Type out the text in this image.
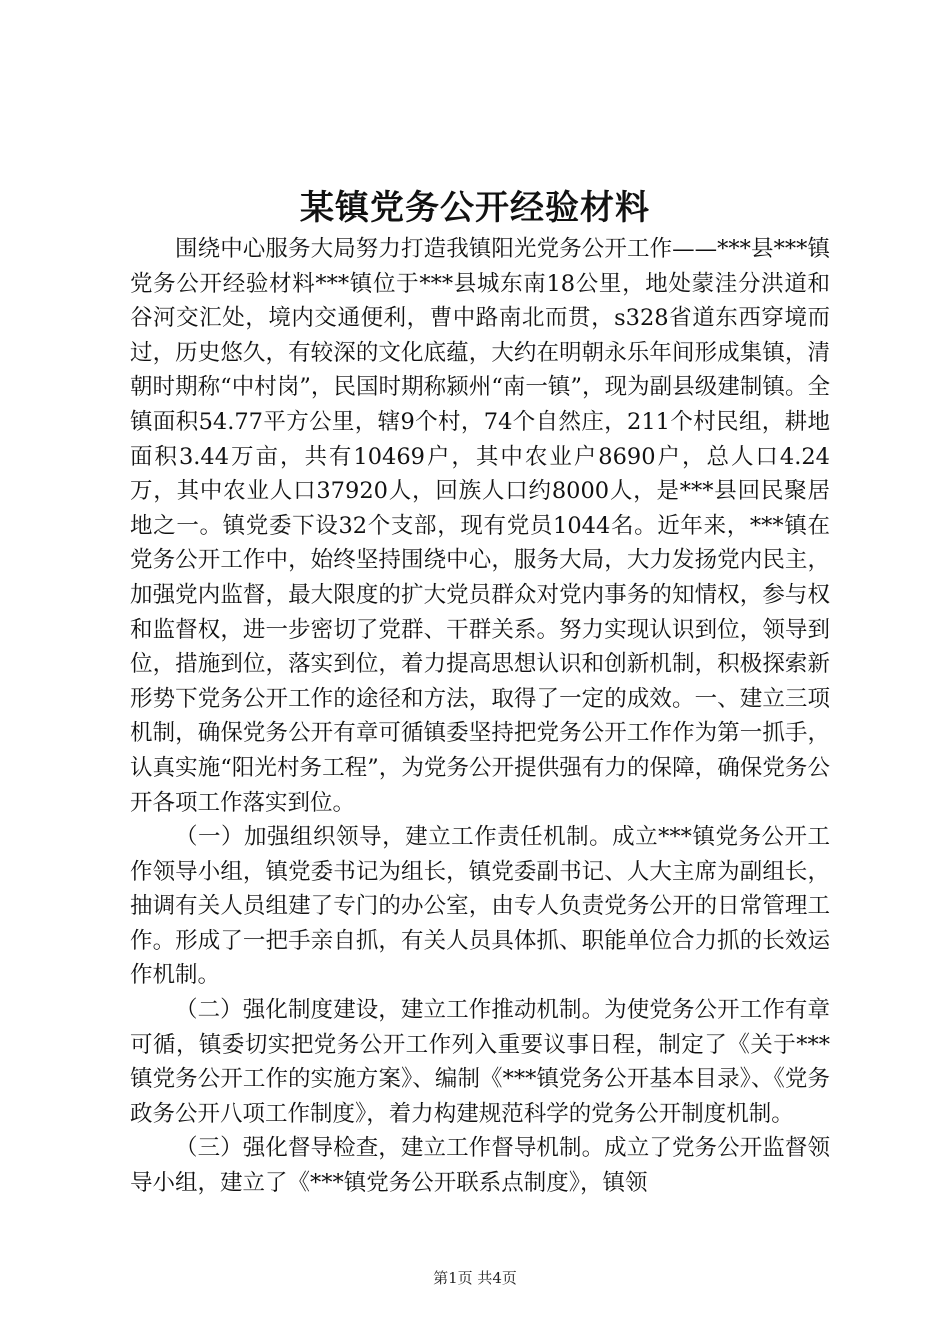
某镇党务公开经验材料

围绕中心服务大局努力打造我镇阳光党务公开工作——***县***镇党务公开经验材料***镇位于***县城东南18公里，地处蒙洼分洪道和谷河交汇处，境内交通便利，曹中路南北而贯，s328省道东西穿境而过，历史悠久，有较深的文化底蕴，大约在明朝永乐年间形成集镇，清朝时期称“中村岗”，民国时期称颍州“南一镇”，现为副县级建制镇。全镇面积54.77平方公里，辖9个村，74个自然庄，211个村民组，耕地面积3.44万亩，共有10469户，其中农业户8690户，总人口4.24万，其中农业人口37920人，回族人口约8000人，是***县回民聚居地之一。镇党委下设32个支部，现有党员1044名。近年来，***镇在党务公开工作中，始终坚持围绕中心，服务大局，大力发扬党内民主，加强党内监督，最大限度的扩大党员群众对党内事务的知情权，参与权和监督权，进一步密切了党群、干群关系。努力实现认识到位，领导到位，措施到位，落实到位，着力提高思想认识和创新机制，积极探索新形势下党务公开工作的途径和方法，取得了一定的成效。一、建立三项机制，确保党务公开有章可循镇委坚持把党务公开工作作为第一抓手，认真实施“阳光村务工程”，为党务公开提供强有力的保障，确保党务公开各项工作落实到位。

（一）加强组织领导，建立工作责任机制。成立***镇党务公开工作领导小组，镇党委书记为组长，镇党委副书记、人大主席为副组长，抽调有关人员组建了专门的办公室，由专人负责党务公开的日常管理工作。形成了一把手亲自抓，有关人员具体抓、职能单位合力抓的长效运作机制。

（二）强化制度建设，建立工作推动机制。为使党务公开工作有章可循，镇委切实把党务公开工作列入重要议事日程，制定了《关于***镇党务公开工作的实施方案》、编制《***镇党务公开基本目录》、《党务政务公开八项工作制度》，着力构建规范科学的党务公开制度机制。

（三）强化督导检查，建立工作督导机制。成立了党务公开监督领导小组，建立了《***镇党务公开联系点制度》，镇领

第1页 共4页
